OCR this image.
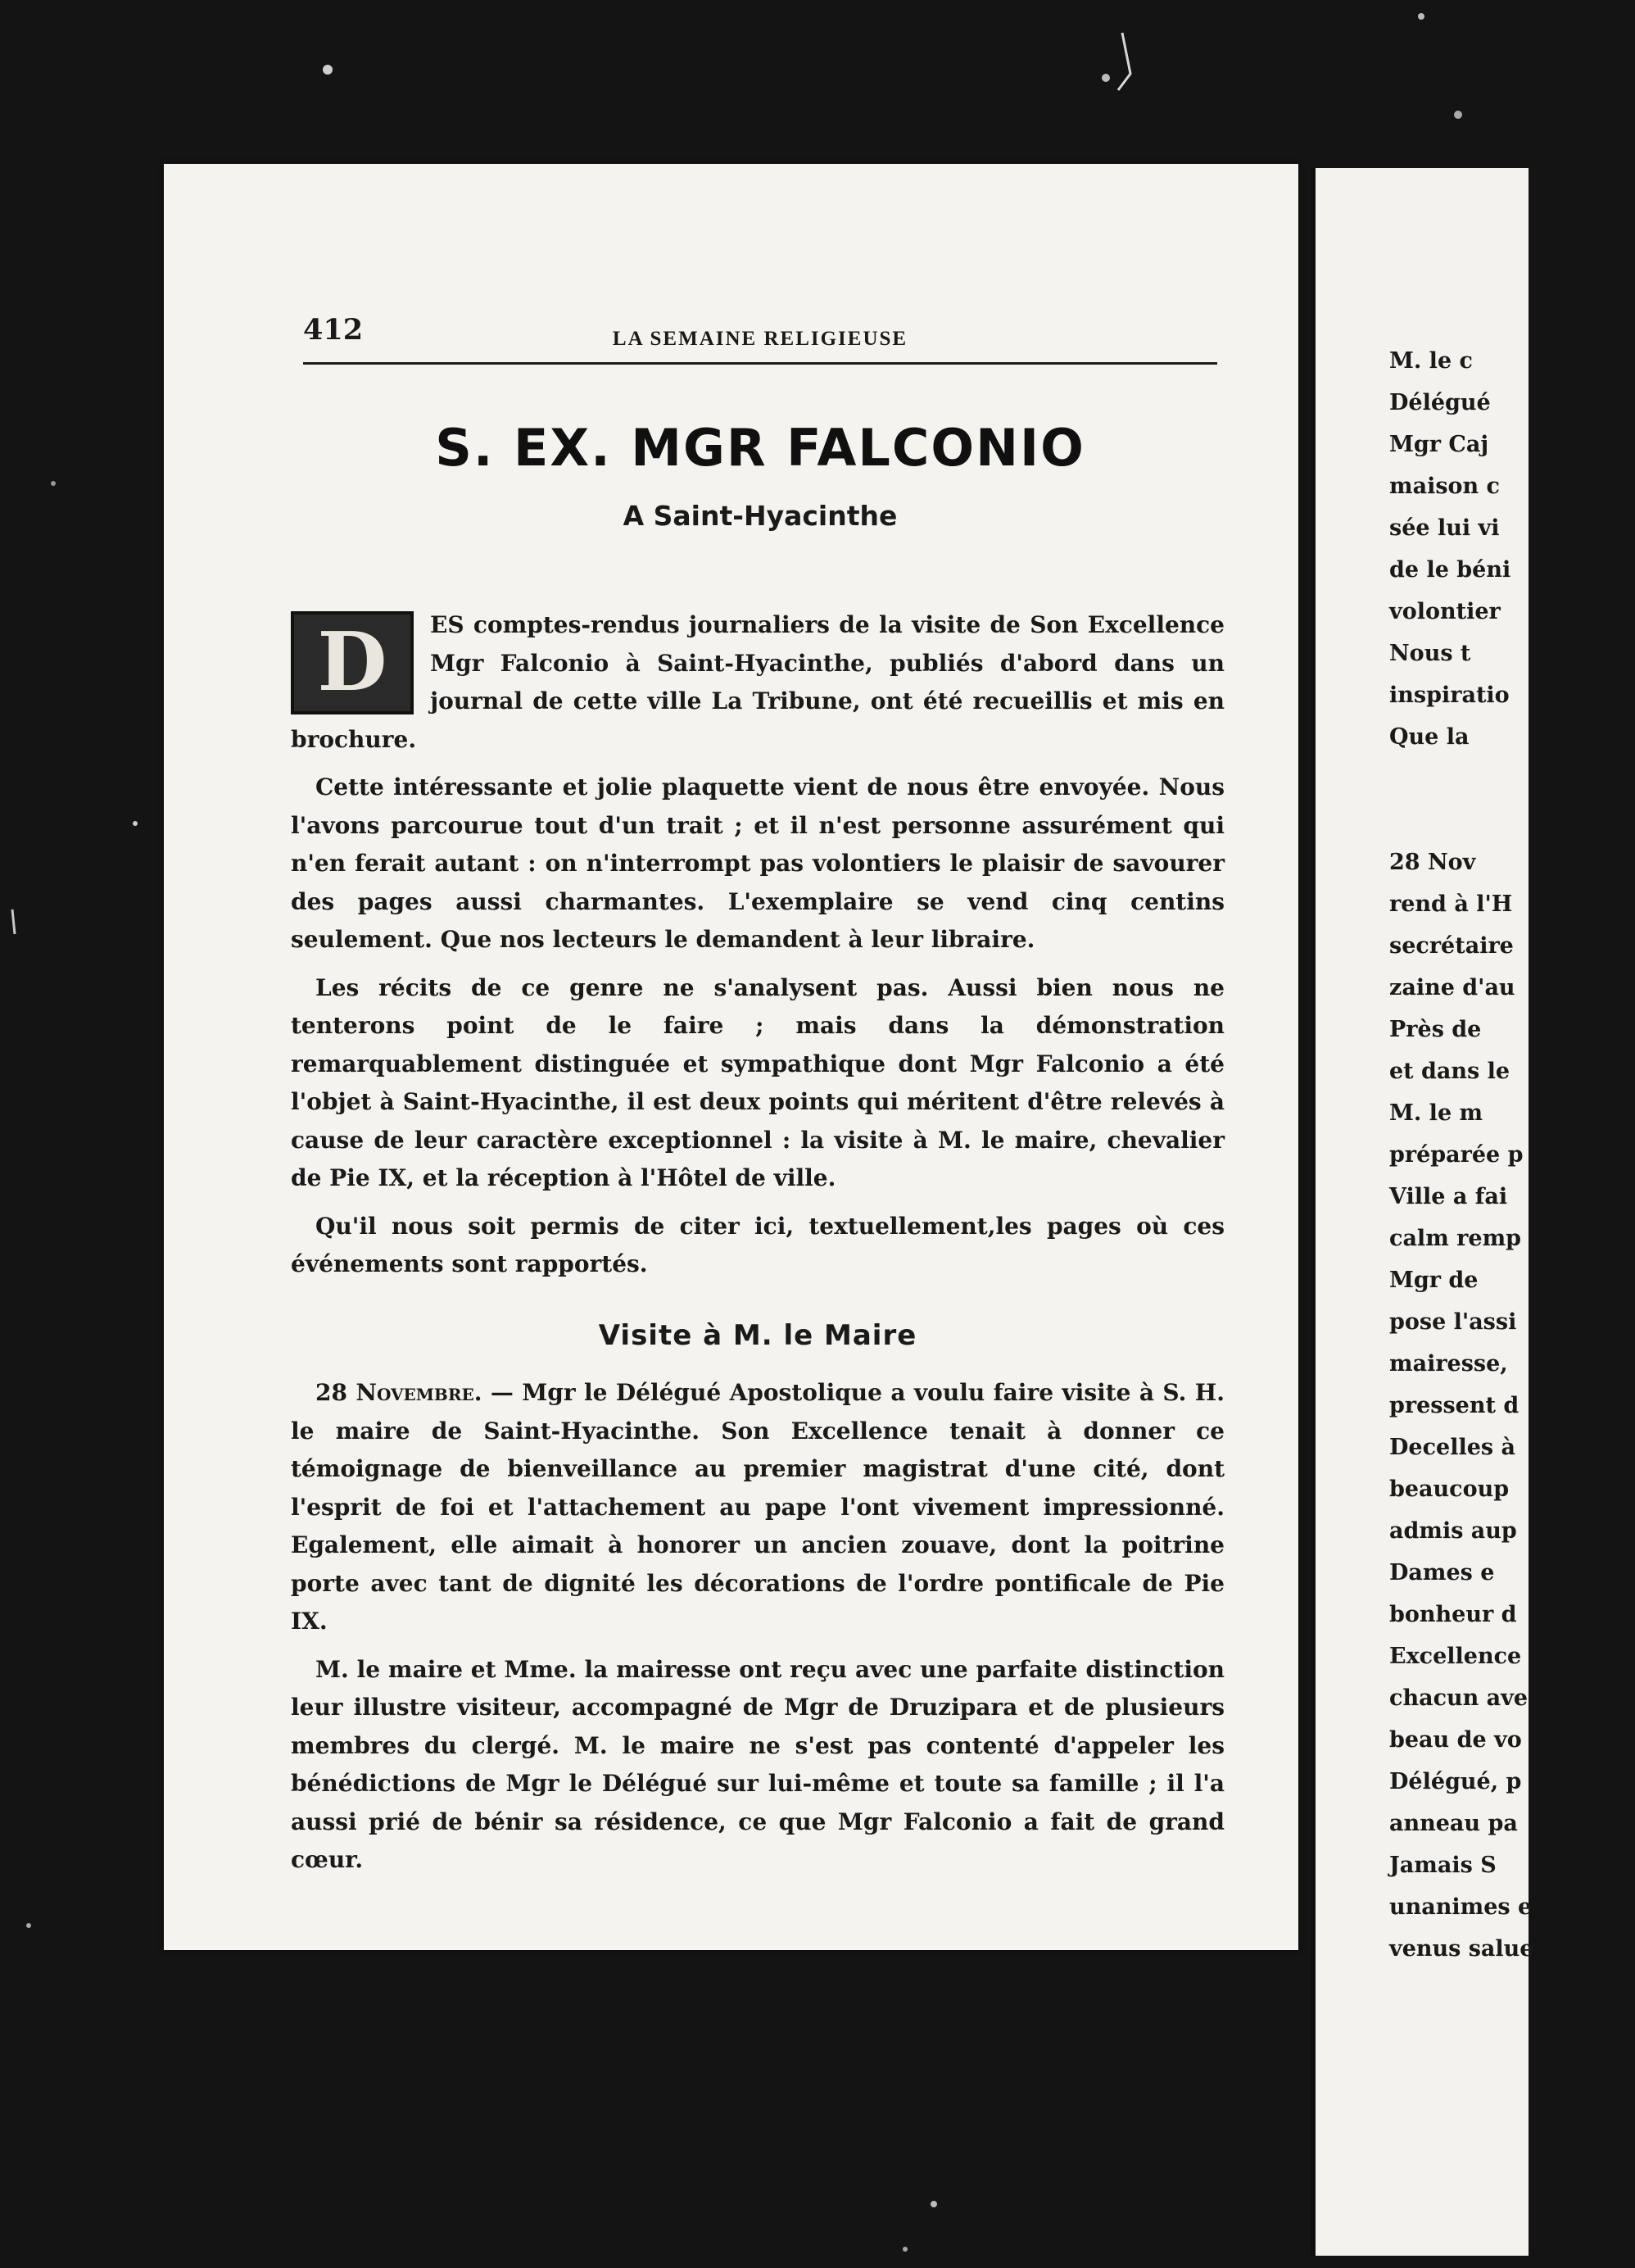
412	LA SEMAINE RELIGIEUSE
S. EX. MGR FALCONIO
A Saint-Hyacinthe
D	ES comptes-rendus journaliers de la visite de Son Excellence Mgr Falconio à Saint-Hyacinthe, publiés d'abord dans un journal de cette ville La Tribune, ont été recueillis et mis en brochure.

Cette intéressante et jolie plaquette vient de nous être envoyée. Nous l'avons parcourue tout d'un trait ; et il n'est personne assurément qui n'en ferait autant : on n'interrompt pas volontiers le plaisir de savourer des pages aussi charmantes. L'exemplaire se vend cinq centins seulement. Que nos lecteurs le demandent à leur libraire.

Les récits de ce genre ne s'analysent pas. Aussi bien nous ne tenterons point de le faire ; mais dans la démonstration remarquablement distinguée et sympathique dont Mgr Falconio a été l'objet à Saint-Hyacinthe, il est deux points qui méritent d'être relevés à cause de leur caractère exceptionnel : la visite à M. le maire, chevalier de Pie IX, et la réception à l'Hôtel de ville.

Qu'il nous soit permis de citer ici, textuellement,les pages où ces événements sont rapportés.

Visite à M. le Maire

28 Novembre. — Mgr le Délégué Apostolique a voulu faire visite à S. H. le maire de Saint-Hyacinthe. Son Excellence tenait à donner ce témoignage de bienveillance au premier magistrat d'une cité, dont l'esprit de foi et l'attachement au pape l'ont vivement impressionné. Egalement, elle aimait à honorer un ancien zouave, dont la poitrine porte avec tant de dignité les décorations de l'ordre pontificale de Pie IX.

M. le maire et Mme. la mairesse ont reçu avec une parfaite distinction leur illustre visiteur, accompagné de Mgr de Druzipara et de plusieurs membres du clergé. M. le maire ne s'est pas contenté d'appeler les bénédictions de Mgr le Délégué sur lui-même et toute sa famille ; il l'a aussi prié de bénir sa résidence, ce que Mgr Falconio a fait de grand cœur.

M. le c
Délégué
Mgr Caj
maison c
sée lui vi
de le béni
volontier
Nous t
inspiratio
Que la
28 Nov
rend à l'H
secrétaire
zaine d'au
Près de
et dans le
M. le m
préparée p
Ville a fai
calm remp
Mgr de
pose l'assi
mairesse,
pressent d
Decelles à
beaucoup
admis aup
Dames e
bonheur d
Excellence
chacun ave
beau de vo
Délégué, p
anneau pa
Jamais S
unanimes e
venus salue
